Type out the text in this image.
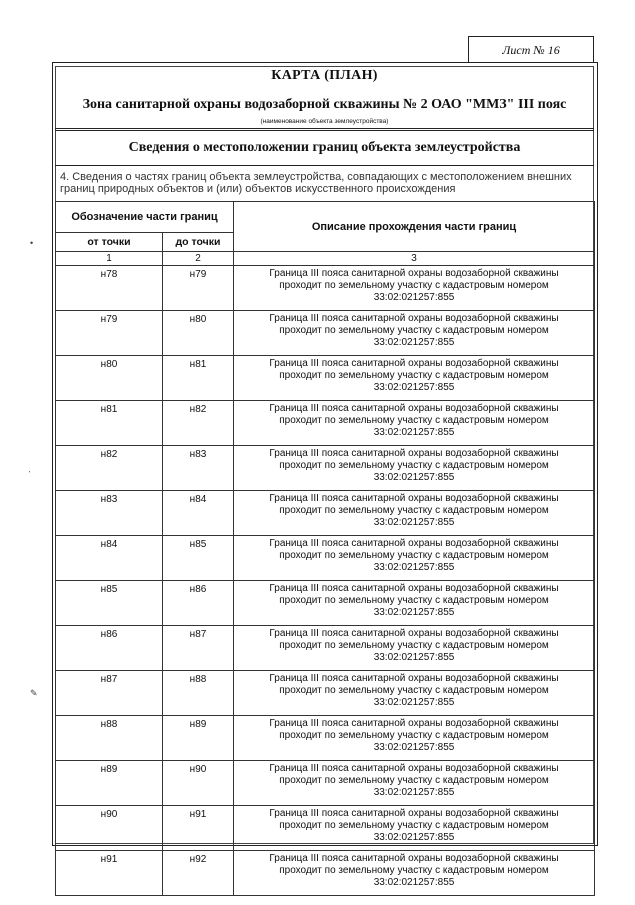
Лист № 16
КАРТА (ПЛАН)
Зона санитарной охраны водозаборной скважины № 2 ОАО "ММЗ" III пояс
(наименование объекта землеустройства)
Сведения о местоположении границ объекта землеустройства
4. Сведения о частях границ объекта землеустройства, совпадающих с местоположением внешних границ природных объектов и (или) объектов искусственного происхождения
Обозначение части границ		Описание прохождения части границ
от точки	до точки	
1	2	3
н78	н79	Граница III пояса санитарной охраны водозаборной скважины
проходит по земельному участку с кадастровым номером
33:02:021257:855

н79	н80	Граница III пояса санитарной охраны водозаборной скважины
проходит по земельному участку с кадастровым номером
33:02:021257:855

н80	н81	Граница III пояса санитарной охраны водозаборной скважины
проходит по земельному участку с кадастровым номером
33:02:021257:855

н81	н82	Граница III пояса санитарной охраны водозаборной скважины
проходит по земельному участку с кадастровым номером
33:02:021257:855

н82	н83	Граница III пояса санитарной охраны водозаборной скважины
проходит по земельному участку с кадастровым номером
33:02:021257:855

н83	н84	Граница III пояса санитарной охраны водозаборной скважины
проходит по земельному участку с кадастровым номером
33:02:021257:855

н84	н85	Граница III пояса санитарной охраны водозаборной скважины
проходит по земельному участку с кадастровым номером
33:02:021257:855

н85	н86	Граница III пояса санитарной охраны водозаборной скважины
проходит по земельному участку с кадастровым номером
33:02:021257:855

н86	н87	Граница III пояса санитарной охраны водозаборной скважины
проходит по земельному участку с кадастровым номером
33:02:021257:855

н87	н88	Граница III пояса санитарной охраны водозаборной скважины
проходит по земельному участку с кадастровым номером
33:02:021257:855

н88	н89	Граница III пояса санитарной охраны водозаборной скважины
проходит по земельному участку с кадастровым номером
33:02:021257:855

н89	н90	Граница III пояса санитарной охраны водозаборной скважины
проходит по земельному участку с кадастровым номером
33:02:021257:855

н90	н91	Граница III пояса санитарной охраны водозаборной скважины
проходит по земельному участку с кадастровым номером
33:02:021257:855

н91	н92	Граница III пояса санитарной охраны водозаборной скважины
проходит по земельному участку с кадастровым номером
33:02:021257:855
•
‧
✎
